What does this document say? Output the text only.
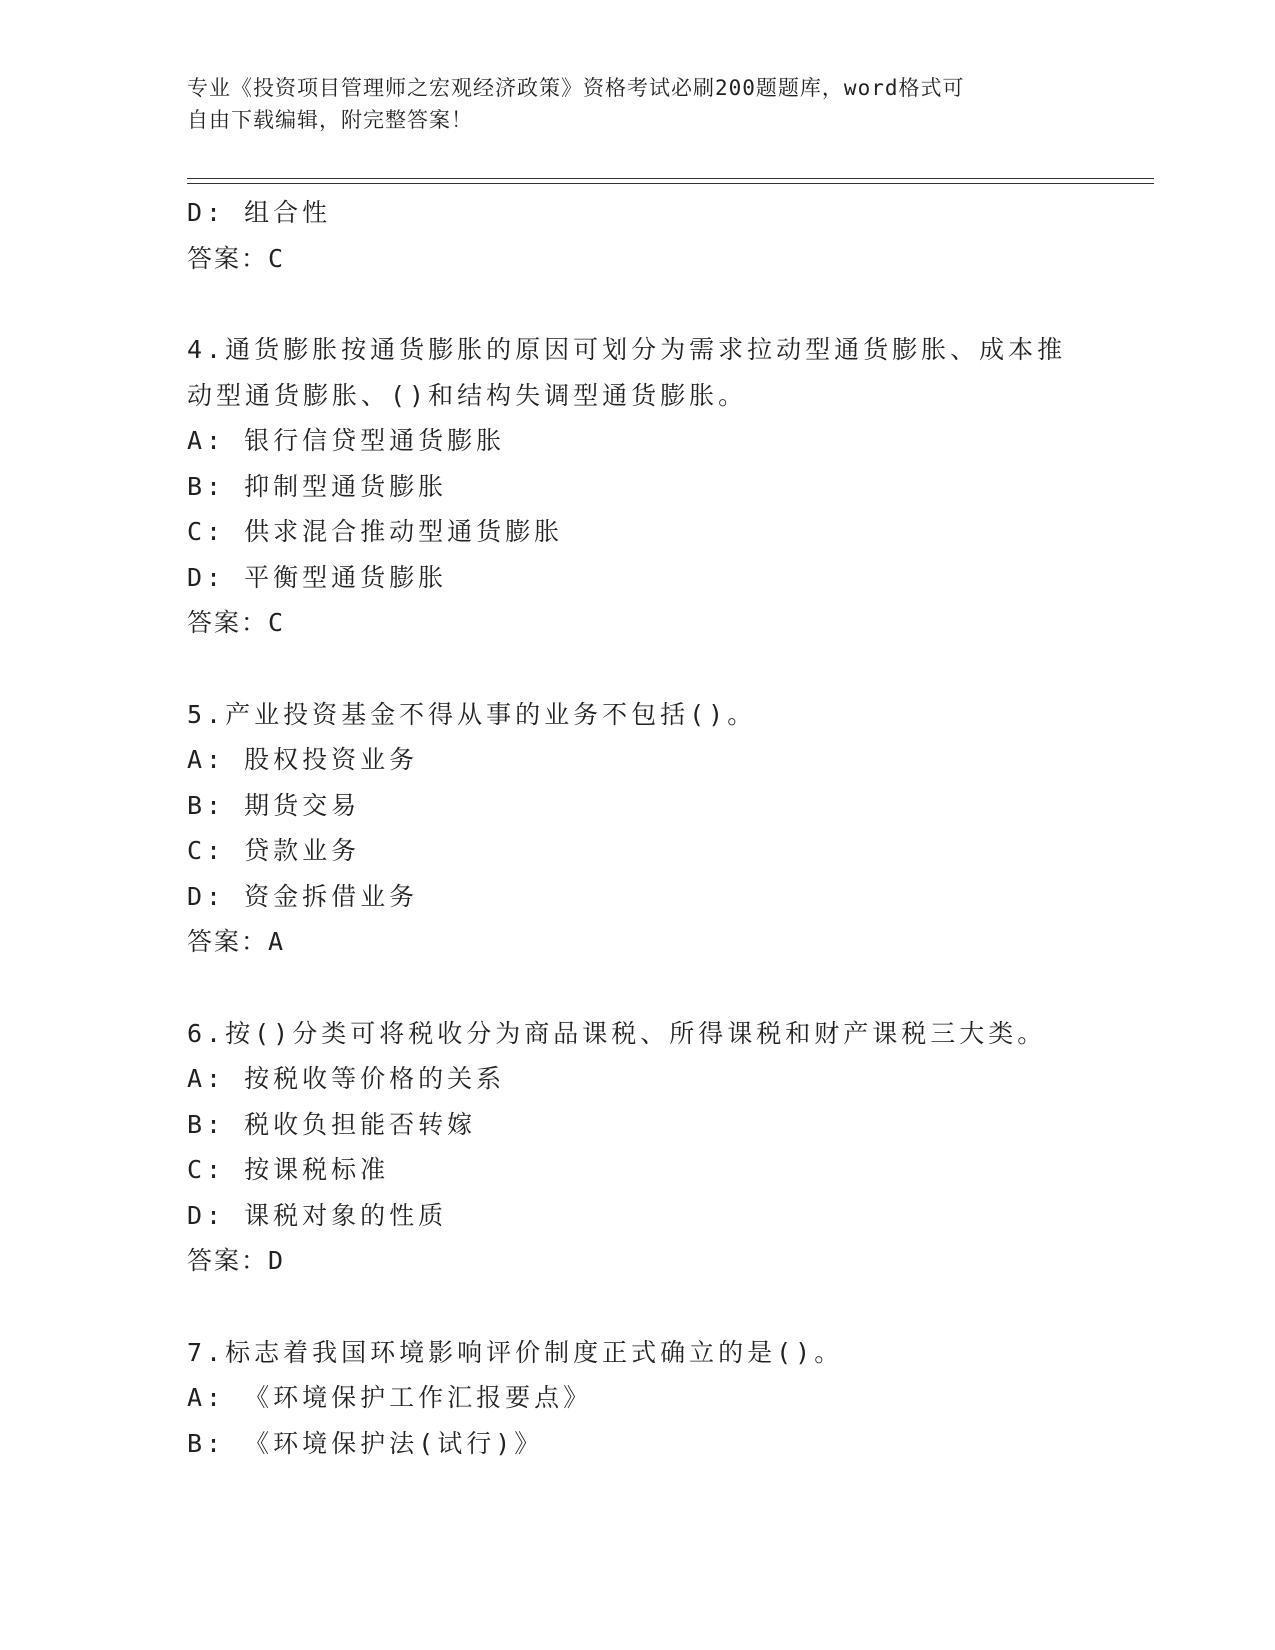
专业《投资项目管理师之宏观经济政策》资格考试必刷200题题库，word格式可
自由下载编辑，附完整答案！
D: 组合性
答案：C
4.通货膨胀按通货膨胀的原因可划分为需求拉动型通货膨胀、成本推
动型通货膨胀、()和结构失调型通货膨胀。
A: 银行信贷型通货膨胀
B: 抑制型通货膨胀
C: 供求混合推动型通货膨胀
D: 平衡型通货膨胀
答案：C
5.产业投资基金不得从事的业务不包括()。
A: 股权投资业务
B: 期货交易
C: 贷款业务
D: 资金拆借业务
答案：A
6.按()分类可将税收分为商品课税、所得课税和财产课税三大类。
A: 按税收等价格的关系
B: 税收负担能否转嫁
C: 按课税标准
D: 课税对象的性质
答案：D
7.标志着我国环境影响评价制度正式确立的是()。
A: 《环境保护工作汇报要点》
B: 《环境保护法(试行)》
